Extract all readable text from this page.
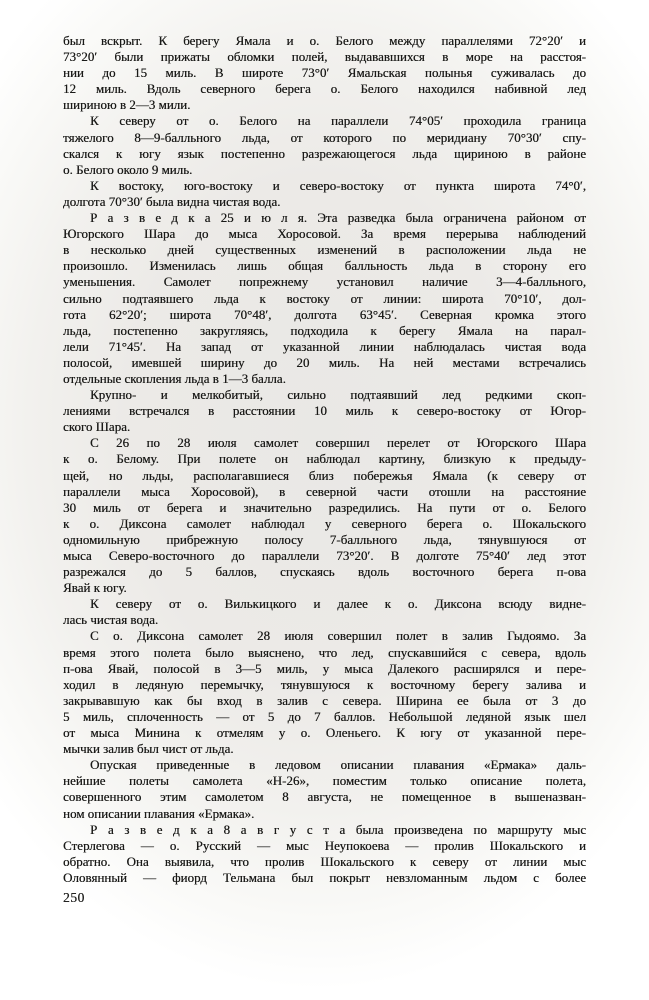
был вскрыт. К берегу Ямала и о. Белого между параллелями 72°20′ и
73°20′ были прижаты обломки полей, выдававшихся в море на расстоя-
нии до 15 миль. В широте 73°0′ Ямальская полынья суживалась до
12 миль. Вдоль северного берега о. Белого находился набивной лед
шириною в 2—3 мили.
К северу от о. Белого на параллели 74°05′ проходила граница
тяжелого 8—9-балльного льда, от которого по меридиану 70°30′ спу-
скался к югу язык постепенно разрежающегося льда щириною в районе
о. Белого около 9 миль.
К востоку, юго-востоку и северо-востоку от пункта широта 74°0′,
долгота 70°30′ была видна чистая вода.
Р а з в е д к а 25 и ю л я. Эта разведка была ограничена районом от
Югорского Шара до мыса Хоросовой. За время перерыва наблюдений
в несколько дней существенных изменений в расположении льда не
произошло. Изменилась лишь общая балльность льда в сторону его
уменьшения. Самолет попрежнему установил наличие 3—4-балльного,
сильно подтаявшего льда к востоку от линии: широта 70°10′, дол-
гота 62°20′; широта 70°48′, долгота 63°45′. Северная кромка этого
льда, постепенно закругляясь, подходила к берегу Ямала на парал-
лели 71°45′. На запад от указанной линии наблюдалась чистая вода
полосой, имевшей ширину до 20 миль. На ней местами встречались
отдельные скопления льда в 1—3 балла.
Крупно- и мелкобитый, сильно подтаявший лед редкими скоп-
лениями встречался в расстоянии 10 миль к северо-востоку от Югор-
ского Шара.
С 26 по 28 июля самолет совершил перелет от Югорского Шара
к о. Белому. При полете он наблюдал картину, близкую к предыду-
щей, но льды, располагавшиеся близ побережья Ямала (к северу от
параллели мыса Хоросовой), в северной части отошли на расстояние
30 миль от берега и значительно разредились. На пути от о. Белого
к о. Диксона самолет наблюдал у северного берега о. Шокальского
одномильную прибрежную полосу 7-балльного льда, тянувшуюся от
мыса Северо-восточного до параллели 73°20′. В долготе 75°40′ лед этот
разрежался до 5 баллов, спускаясь вдоль восточного берега п-ова
Явай к югу.
К северу от о. Вилькицкого и далее к о. Диксона всюду видне-
лась чистая вода.
С о. Диксона самолет 28 июля совершил полет в залив Гыдоямо. За
время этого полета было выяснено, что лед, спускавшийся с севера, вдоль
п-ова Явай, полосой в 3—5 миль, у мыса Далекого расширялся и пере-
ходил в ледяную перемычку, тянувшуюся к восточному берегу залива и
закрывавшую как бы вход в залив с севера. Ширина ее была от 3 до
5 миль, сплоченность — от 5 до 7 баллов. Небольшой ледяной язык шел
от мыса Минина к отмелям у о. Оленьего. К югу от указанной пере-
мычки залив был чист от льда.
Опуская приведенные в ледовом описании плавания «Ермака» даль-
нейшие полеты самолета «Н-26», поместим только описание полета,
совершенного этим самолетом 8 августа, не помещенное в вышеназван-
ном описании плавания «Ермака».
Р а з в е д к а 8 а в г у с т а была произведена по маршруту мыс
Стерлегова — о. Русский — мыс Неупокоева — пролив Шокальского и
обратно. Она выявила, что пролив Шокальского к северу от линии мыс
Оловянный — фиорд Тельмана был покрыт невзломанным льдом с более
250
